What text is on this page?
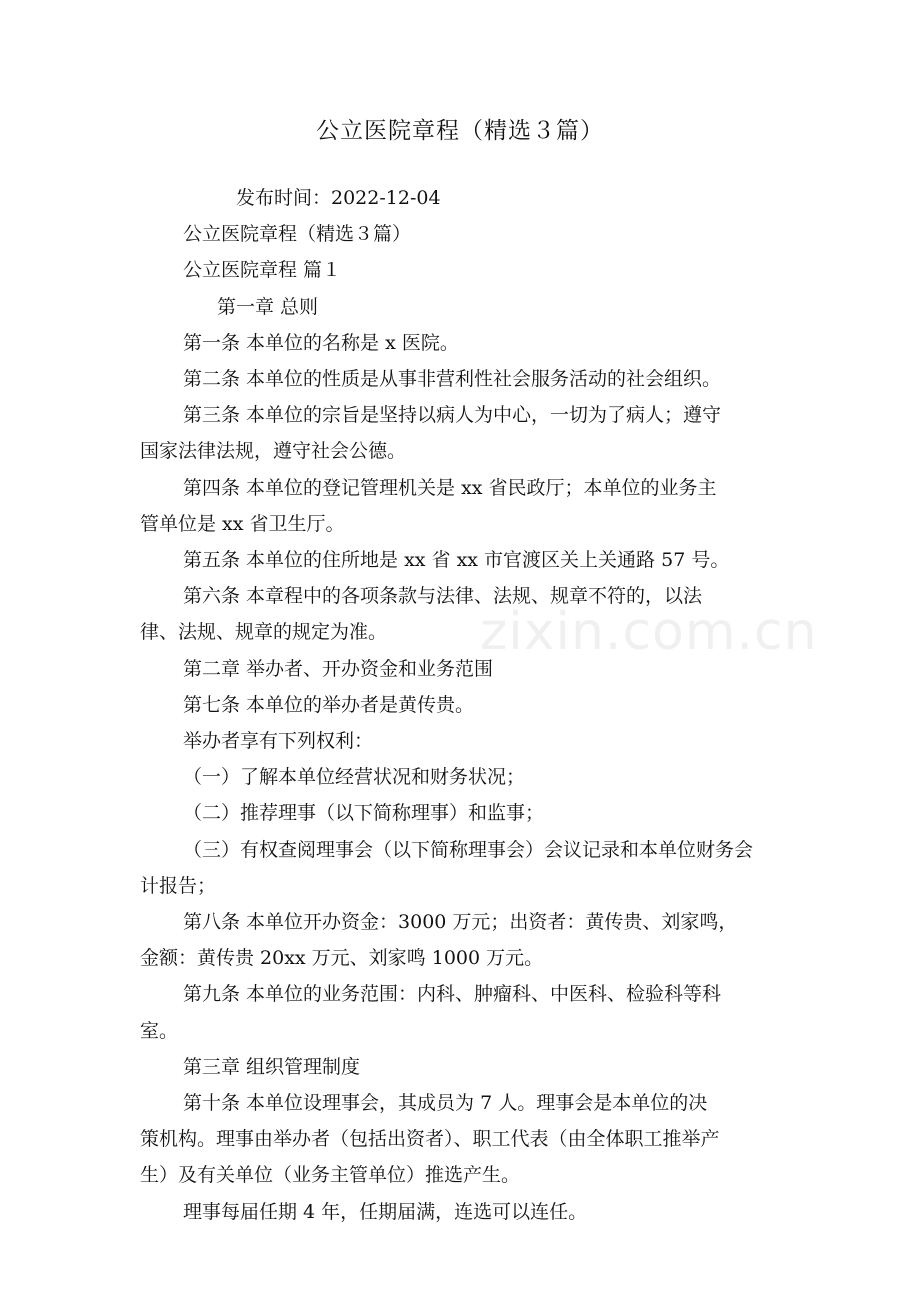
公立医院章程（精选３篇）
zixin.com.cn

发布时间：2022-12-04

公立医院章程（精选３篇）

公立医院章程 篇１

第一章 总则

第一条 本单位的名称是 x 医院。

第二条 本单位的性质是从事非营利性社会服务活动的社会组织。

第三条 本单位的宗旨是坚持以病人为中心，一切为了病人；遵守

国家法律法规，遵守社会公德。

第四条 本单位的登记管理机关是 xx 省民政厅；本单位的业务主

管单位是 xx 省卫生厅。

第五条 本单位的住所地是 xx 省 xx 市官渡区关上关通路 57 号。

第六条 本章程中的各项条款与法律、法规、规章不符的，以法

律、法规、规章的规定为准。

第二章 举办者、开办资金和业务范围

第七条 本单位的举办者是黄传贵。

举办者享有下列权利：

（一）了解本单位经营状况和财务状况；

（二）推荐理事（以下简称理事）和监事；

（三）有权查阅理事会（以下简称理事会）会议记录和本单位财务会

计报告；

第八条 本单位开办资金：3000 万元；出资者：黄传贵、刘家鸣，

金额：黄传贵 20xx 万元、刘家鸣 1000 万元。

第九条 本单位的业务范围：内科、肿瘤科、中医科、检验科等科

室。

第三章 组织管理制度

第十条 本单位设理事会，其成员为 7 人。理事会是本单位的决

策机构。理事由举办者（包括出资者）、职工代表（由全体职工推举产

生）及有关单位（业务主管单位）推选产生。

理事每届任期 4 年，任期届满，连选可以连任。
